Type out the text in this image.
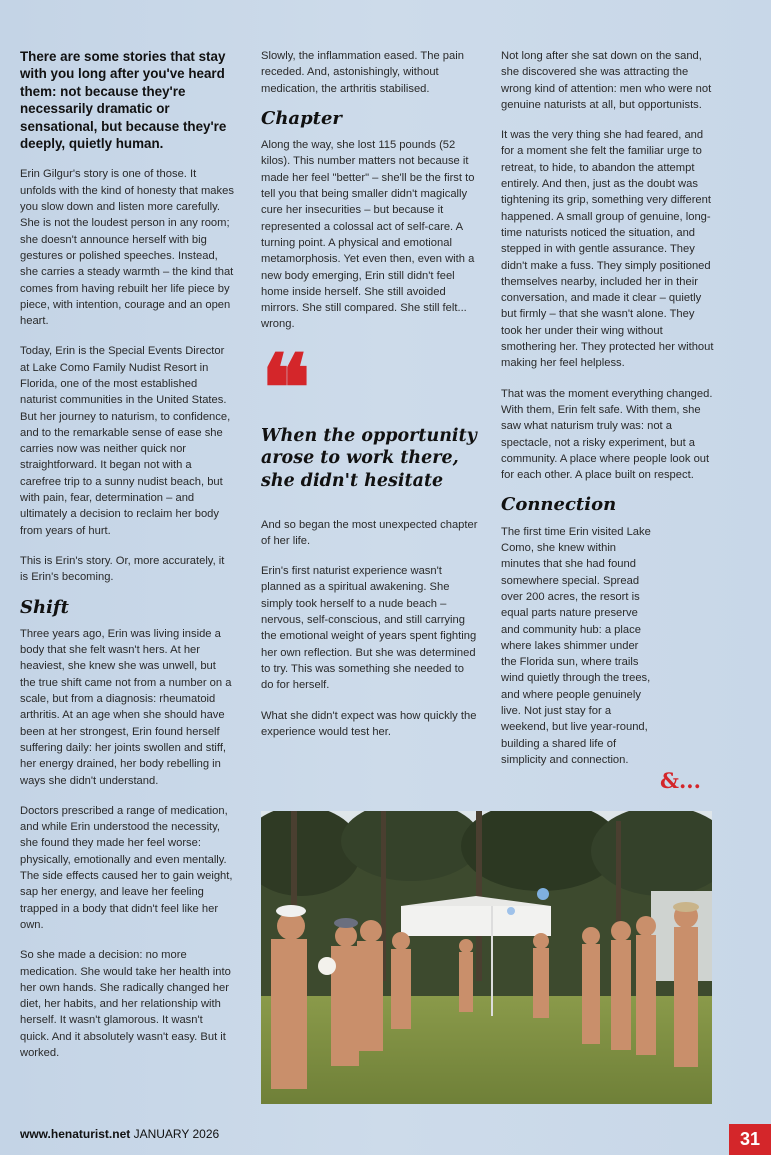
There are some stories that stay with you long after you've heard them: not because they're necessarily dramatic or sensational, but because they're deeply, quietly human.

Erin Gilgur's story is one of those. It unfolds with the kind of honesty that makes you slow down and listen more carefully. She is not the loudest person in any room; she doesn't announce herself with big gestures or polished speeches. Instead, she carries a steady warmth – the kind that comes from having rebuilt her life piece by piece, with intention, courage and an open heart.

Today, Erin is the Special Events Director at Lake Como Family Nudist Resort in Florida, one of the most established naturist communities in the United States. But her journey to naturism, to confidence, and to the remarkable sense of ease she carries now was neither quick nor straightforward. It began not with a carefree trip to a sunny nudist beach, but with pain, fear, determination – and ultimately a decision to reclaim her body from years of hurt.

This is Erin's story. Or, more accurately, it is Erin's becoming.

Shift

Three years ago, Erin was living inside a body that she felt wasn't hers. At her heaviest, she knew she was unwell, but the true shift came not from a number on a scale, but from a diagnosis: rheumatoid arthritis. At an age when she should have been at her strongest, Erin found herself suffering daily: her joints swollen and stiff, her energy drained, her body rebelling in ways she didn't understand.

Doctors prescribed a range of medication, and while Erin understood the necessity, she found they made her feel worse: physically, emotionally and even mentally. The side effects caused her to gain weight, sap her energy, and leave her feeling trapped in a body that didn't feel like her own.

So she made a decision: no more medication. She would take her health into her own hands. She radically changed her diet, her habits, and her relationship with herself. It wasn't glamorous. It wasn't quick. And it absolutely wasn't easy. But it worked.

Slowly, the inflammation eased. The pain receded. And, astonishingly, without medication, the arthritis stabilised.

Chapter

Along the way, she lost 115 pounds (52 kilos). This number matters not because it made her feel "better" – she'll be the first to tell you that being smaller didn't magically cure her insecurities – but because it represented a colossal act of self-care. A turning point. A physical and emotional metamorphosis. Yet even then, even with a new body emerging, Erin still didn't feel home inside herself. She still avoided mirrors. She still compared. She still felt... wrong.

❝
When the opportunity arose to work there, she didn't hesitate

And so began the most unexpected chapter of her life.

Erin's first naturist experience wasn't planned as a spiritual awakening. She simply took herself to a nude beach – nervous, self-conscious, and still carrying the emotional weight of years spent fighting her own reflection. But she was determined to try. This was something she needed to do for herself.

What she didn't expect was how quickly the experience would test her.

Not long after she sat down on the sand, she discovered she was attracting the wrong kind of attention: men who were not genuine naturists at all, but opportunists.

It was the very thing she had feared, and for a moment she felt the familiar urge to retreat, to hide, to abandon the attempt entirely. And then, just as the doubt was tightening its grip, something very different happened. A small group of genuine, long-time naturists noticed the situation, and stepped in with gentle assurance. They didn't make a fuss. They simply positioned themselves nearby, included her in their conversation, and made it clear – quietly but firmly – that she wasn't alone. They took her under their wing without smothering her. They protected her without making her feel helpless.

That was the moment everything changed. With them, Erin felt safe. With them, she saw what naturism truly was: not a spectacle, not a risky experiment, but a community. A place where people look out for each other. A place built on respect.

Connection

The first time Erin visited Lake Como, she knew within minutes that she had found somewhere special. Spread over 200 acres, the resort is equal parts nature preserve and community hub: a place where lakes shimmer under the Florida sun, where trails wind quietly through the trees, and where people genuinely live. Not just stay for a weekend, but live year-round, building a shared life of simplicity and connection.

&...
www.henaturist.net JANUARY 2026	31
